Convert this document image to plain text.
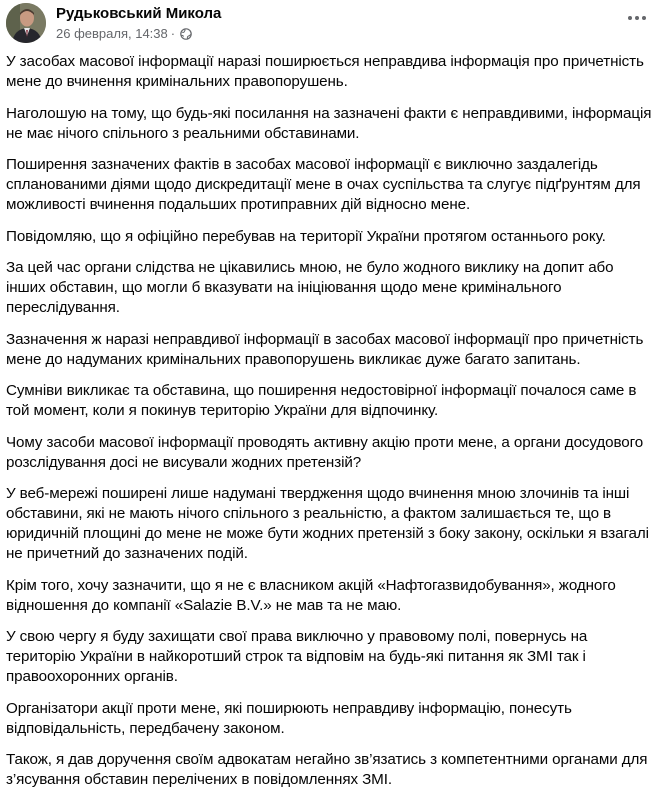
Рудьковський Микола
26 февраля, 14:38 ·

У засобах масової інформації наразі поширюється неправдива інформація про причетність мене до вчинення кримінальних правопорушень.

Наголошую на тому, що будь-які посилання на зазначені факти є неправдивими, інформація не має нічого спільного з реальними обставинами.

Поширення зазначених фактів в засобах масової інформації є виключно заздалегідь спланованими діями щодо дискредитації мене в очах суспільства та слугує підґрунтям для можливості вчинення подальших протиправних дій відносно мене.

Повідомляю, що я офіційно перебував на території України протягом останнього року.

За цей час органи слідства не цікавились мною, не було жодного виклику на допит або інших обставин, що могли б вказувати на ініціювання щодо мене кримінального переслідування.

Зазначення ж наразі неправдивої інформації в засобах масової інформації про причетність мене до надуманих кримінальних правопорушень викликає дуже багато запитань.

Сумніви викликає та обставина, що поширення недостовірної інформації почалося саме в той момент, коли я покинув територію України для відпочинку.

Чому засоби масової інформації проводять активну акцію проти мене, а органи досудового розслідування досі не висували жодних претензій?

У веб-мережі поширені лише надумані твердження щодо вчинення мною злочинів та інші обставини, які не мають нічого спільного з реальністю, а фактом залишається те, що в юридичній площині до мене не може бути жодних претензій з боку закону, оскільки я взагалі не причетний до зазначених подій.

Крім того, хочу зазначити, що я не є власником акцій «Нафтогазвидобування», жодного відношення до компанії «Salazie B.V.» не мав та не маю.

У свою чергу я буду захищати свої права виключно у правовому полі, повернусь на територію України в найкоротший строк та відповім на будь-які питання як ЗМІ так і правоохоронних органів.

Організатори акції проти мене, які поширюють неправдиву інформацію, понесуть відповідальність, передбачену законом.

Також, я дав доручення своїм адвокатам негайно зв’язатись з компетентними органами для з’ясування обставин перелічених в повідомленнях ЗМІ.
